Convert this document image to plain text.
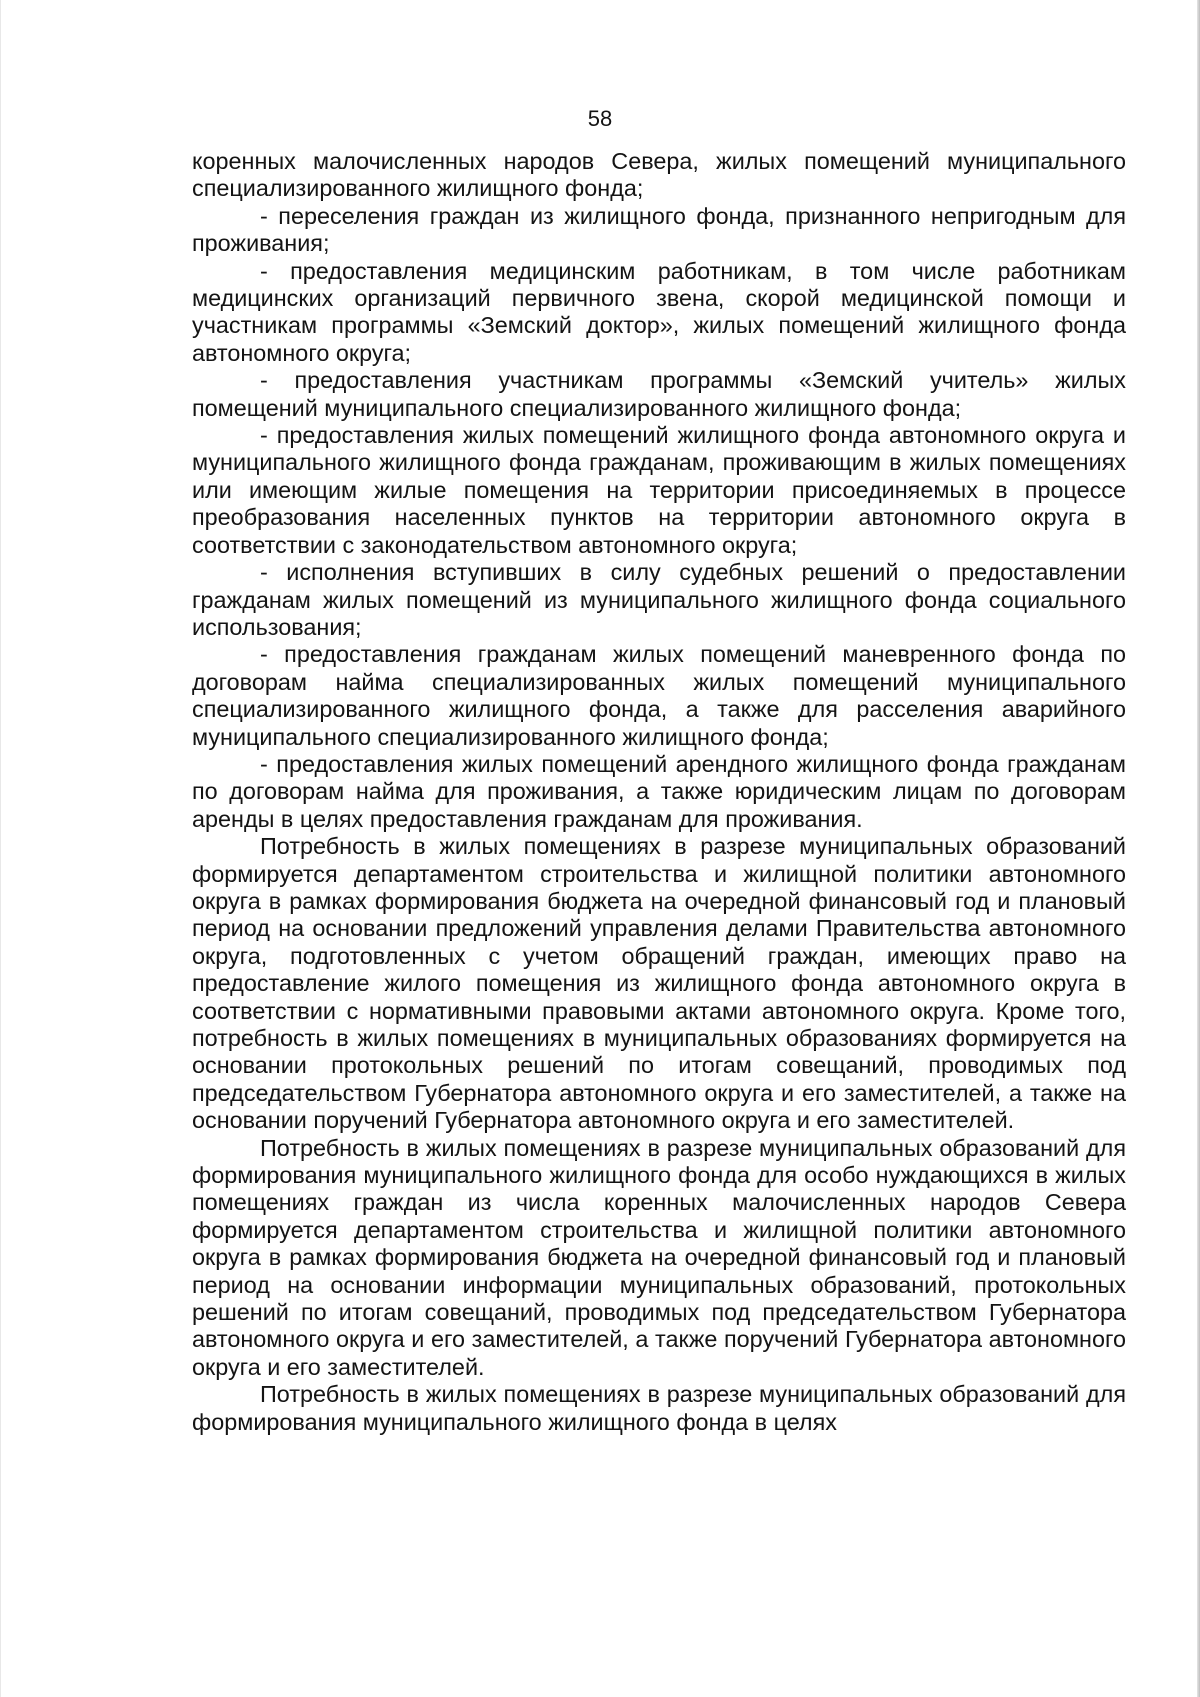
58

коренных малочисленных народов Севера, жилых помещений муниципального специализированного жилищного фонда;

- переселения граждан из жилищного фонда, признанного непригодным для проживания;

- предоставления медицинским работникам, в том числе работникам медицинских организаций первичного звена, скорой медицинской помощи и участникам программы «Земский доктор», жилых помещений жилищного фонда автономного округа;

- предоставления участникам программы «Земский учитель» жилых помещений муниципального специализированного жилищного фонда;

- предоставления жилых помещений жилищного фонда автономного округа и муниципального жилищного фонда гражданам, проживающим в жилых помещениях или имеющим жилые помещения на территории присоединяемых в процессе преобразования населенных пунктов на территории автономного округа в соответствии с законодательством автономного округа;

- исполнения вступивших в силу судебных решений о предоставлении гражданам жилых помещений из муниципального жилищного фонда социального использования;

- предоставления гражданам жилых помещений маневренного фонда по договорам найма специализированных жилых помещений муниципального специализированного жилищного фонда, а также для расселения аварийного муниципального специализированного жилищного фонда;

- предоставления жилых помещений арендного жилищного фонда гражданам по договорам найма для проживания, а также юридическим лицам по договорам аренды в целях предоставления гражданам для проживания.

Потребность в жилых помещениях в разрезе муниципальных образований формируется департаментом строительства и жилищной политики автономного округа в рамках формирования бюджета на очередной финансовый год и плановый период на основании предложений управления делами Правительства автономного округа, подготовленных с учетом обращений граждан, имеющих право на предоставление жилого помещения из жилищного фонда автономного округа в соответствии с нормативными правовыми актами автономного округа. Кроме того, потребность в жилых помещениях в муниципальных образованиях формируется на основании протокольных решений по итогам совещаний, проводимых под председательством Губернатора автономного округа и его заместителей, а также на основании поручений Губернатора автономного округа и его заместителей.

Потребность в жилых помещениях в разрезе муниципальных образований для формирования муниципального жилищного фонда для особо нуждающихся в жилых помещениях граждан из числа коренных малочисленных народов Севера формируется департаментом строительства и жилищной политики автономного округа в рамках формирования бюджета на очередной финансовый год и плановый период на основании информации муниципальных образований, протокольных решений по итогам совещаний, проводимых под председательством Губернатора автономного округа и его заместителей, а также поручений Губернатора автономного округа и его заместителей.

Потребность в жилых помещениях в разрезе муниципальных образований для формирования муниципального жилищного фонда в целях
